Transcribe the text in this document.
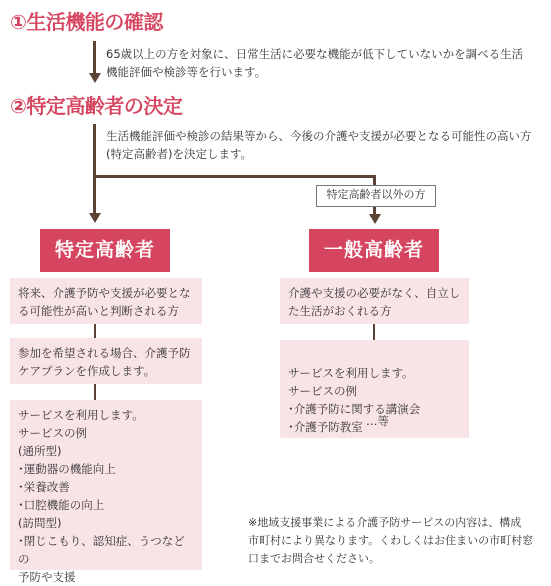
①生活機能の確認
65歳以上の方を対象に、日常生活に必要な機能が低下していないかを調べる生活
機能評価や検診等を行います。
②特定高齢者の決定
生活機能評価や検診の結果等から、今後の介護や支援が必要となる可能性の高い方
(特定高齢者)を決定します。
特定高齢者以外の方
特定高齢者
将来、介護予防や支援が必要とな
る可能性が高いと判断される方
参加を希望される場合、介護予防
ケアプランを作成します。
サービスを利用します。
サービスの例
(通所型)
･運動器の機能向上
･栄養改善
･口腔機能の向上
(訪問型)
･閉じこもり、認知症、うつなどの
予防や支援
一般高齢者
介護や支援の必要がなく、自立し
た生活がおくれる方

サービスを利用します。
サービスの例
･介護予防に関する講演会
･介護予防教室 …等
※地域支援事業による介護予防サービスの内容は、構成
市町村により異なります。くわしくはお住まいの市町村窓
口までお問合せください。
